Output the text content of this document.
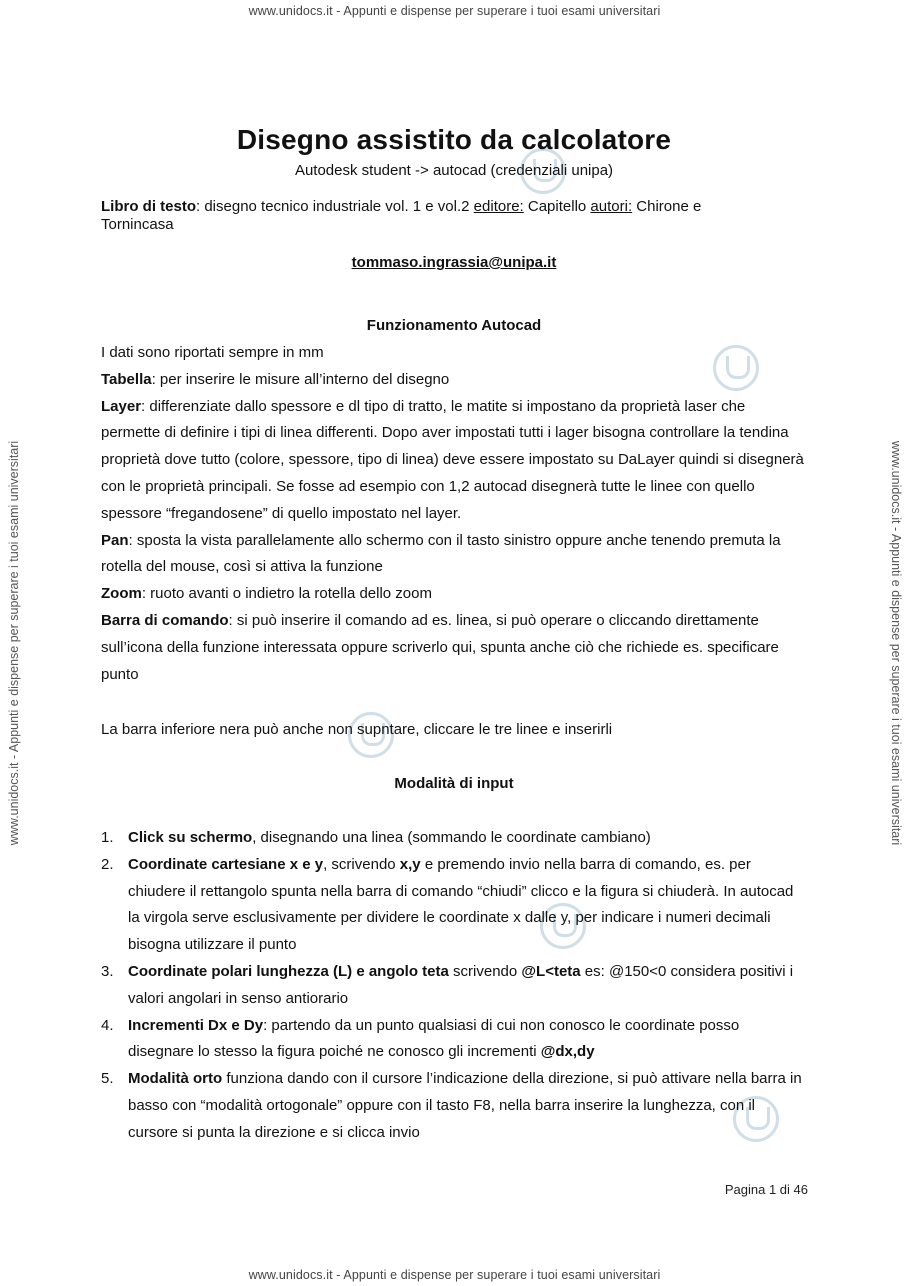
www.unidocs.it - Appunti e dispense per superare i tuoi esami universitari
www.unidocs.it - Appunti e dispense per superare i tuoi esami universitari
www.unidocs.it - Appunti e dispense per superare i tuoi esami universitari	www.unidocs.it - Appunti e dispense per superare i tuoi esami universitari
Disegno assistito da calcolatore
Autodesk student -> autocad (credenziali unipa)
Libro di testo: disegno tecnico industriale vol. 1 e vol.2 editore: Capitello autori: Chirone e Tornincasa
tommaso.ingrassia@unipa.it
Funzionamento Autocad
I dati sono riportati sempre in mm
Tabella: per inserire le misure all’interno del disegno
Layer: differenziate dallo spessore e dl tipo di tratto, le matite si impostano da proprietà laser che permette di definire i tipi di linea differenti. Dopo aver impostati tutti i lager bisogna controllare la tendina proprietà dove tutto (colore, spessore, tipo di linea) deve essere impostato su DaLayer quindi si disegnerà con le proprietà principali. Se fosse ad esempio con 1,2 autocad disegnerà tutte le linee con quello spessore “fregandosene” di quello impostato nel layer.
Pan: sposta la vista parallelamente allo schermo con il tasto sinistro oppure anche tenendo premuta la rotella del mouse, così si attiva la funzione
Zoom: ruoto avanti o indietro la rotella dello zoom
Barra di comando: si può inserire il comando ad es. linea, si può operare o cliccando direttamente sull’icona della funzione interessata oppure scriverlo qui, spunta anche ciò che richiede es. specificare punto
La barra inferiore nera può anche non supntare, cliccare le tre linee e inserirli
Modalità di input
1. Click su schermo, disegnando una linea (sommando le coordinate cambiano)
2. Coordinate cartesiane x e y, scrivendo x,y e premendo invio nella barra di comando, es. per chiudere il rettangolo spunta nella barra di comando “chiudi” clicco e la figura si chiuderà. In autocad la virgola serve esclusivamente per dividere le coordinate x dalle y, per indicare i numeri decimali bisogna utilizzare il punto
3. Coordinate polari lunghezza (L) e angolo teta scrivendo @L<teta es: @150<0 considera positivi i valori angolari in senso antiorario
4. Incrementi Dx e Dy: partendo da un punto qualsiasi di cui non conosco le coordinate posso disegnare lo stesso la figura poiché ne conosco gli incrementi @dx,dy
5. Modalità orto funziona dando con il cursore l’indicazione della direzione, si può attivare nella barra in basso con “modalità ortogonale” oppure con il tasto F8, nella barra inserire la lunghezza, con il cursore si punta la direzione e si clicca invio
Pagina 1 di 46
